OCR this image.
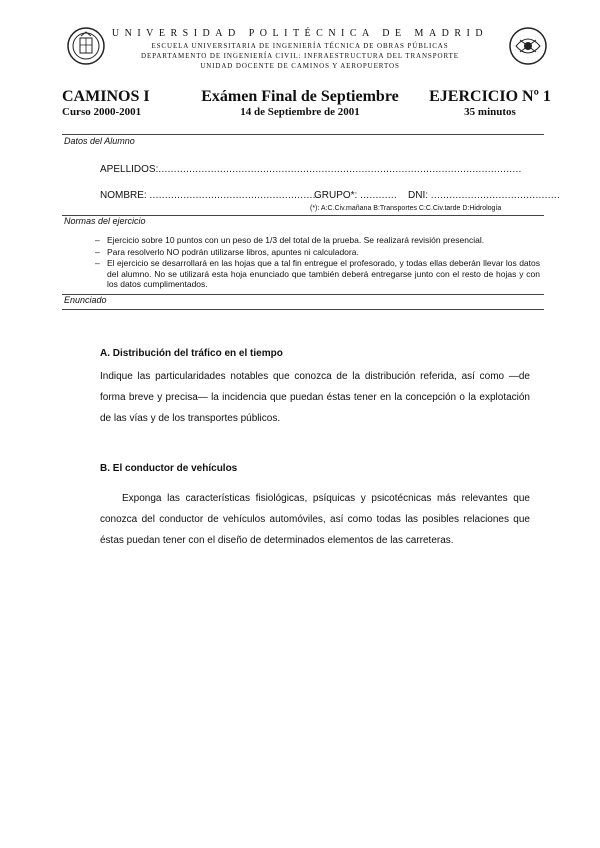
UNIVERSIDAD POLITÉCNICA DE MADRID
ESCUELA UNIVERSITARIA DE INGENIERÍA TÉCNICA DE OBRAS PÚBLICAS
DEPARTAMENTO DE INGENIERÍA CIVIL: INFRAESTRUCTURA DEL TRANSPORTE
UNIDAD DOCENTE DE CAMINOS Y AEROPUERTOS
CAMINOS I
Curso 2000-2001
Exámen Final de Septiembre
14 de Septiembre de 2001
EJERCICIO Nº 1
35 minutos
Datos del Alumno
APELLIDOS:......................................................................................................................
NOMBRE: .......................................................
GRUPO*: ............ DNI: ..........................................
(*): A:C.Civ.mañana B:Transportes C:C.Civ.tarde D:Hidrología
Normas del ejercicio
– Ejercicio sobre 10 puntos con un peso de 1/3 del total de la prueba. Se realizará revisión presencial.
– Para resolverlo NO podrán utilizarse libros, apuntes ni calculadora.
– El ejercicio se desarrollará en las hojas que a tal fin entregue el profesorado, y todas ellas deberán llevar los datos del alumno. No se utilizará esta hoja enunciado que también deberá entregarse junto con el resto de hojas y con los datos cumplimentados.
Enunciado
A. Distribución del tráfico en el tiempo
Indique las particularidades notables que conozca de la distribución referida, así como —de forma breve y precisa— la incidencia que puedan éstas tener en la concepción o la explotación de las vías y de los transportes públicos.
B. El conductor de vehículos
Exponga las características fisiológicas, psíquicas y psicotécnicas más relevantes que conozca del conductor de vehículos automóviles, así como todas las posibles relaciones que éstas puedan tener con el diseño de determinados elementos de las carreteras.
